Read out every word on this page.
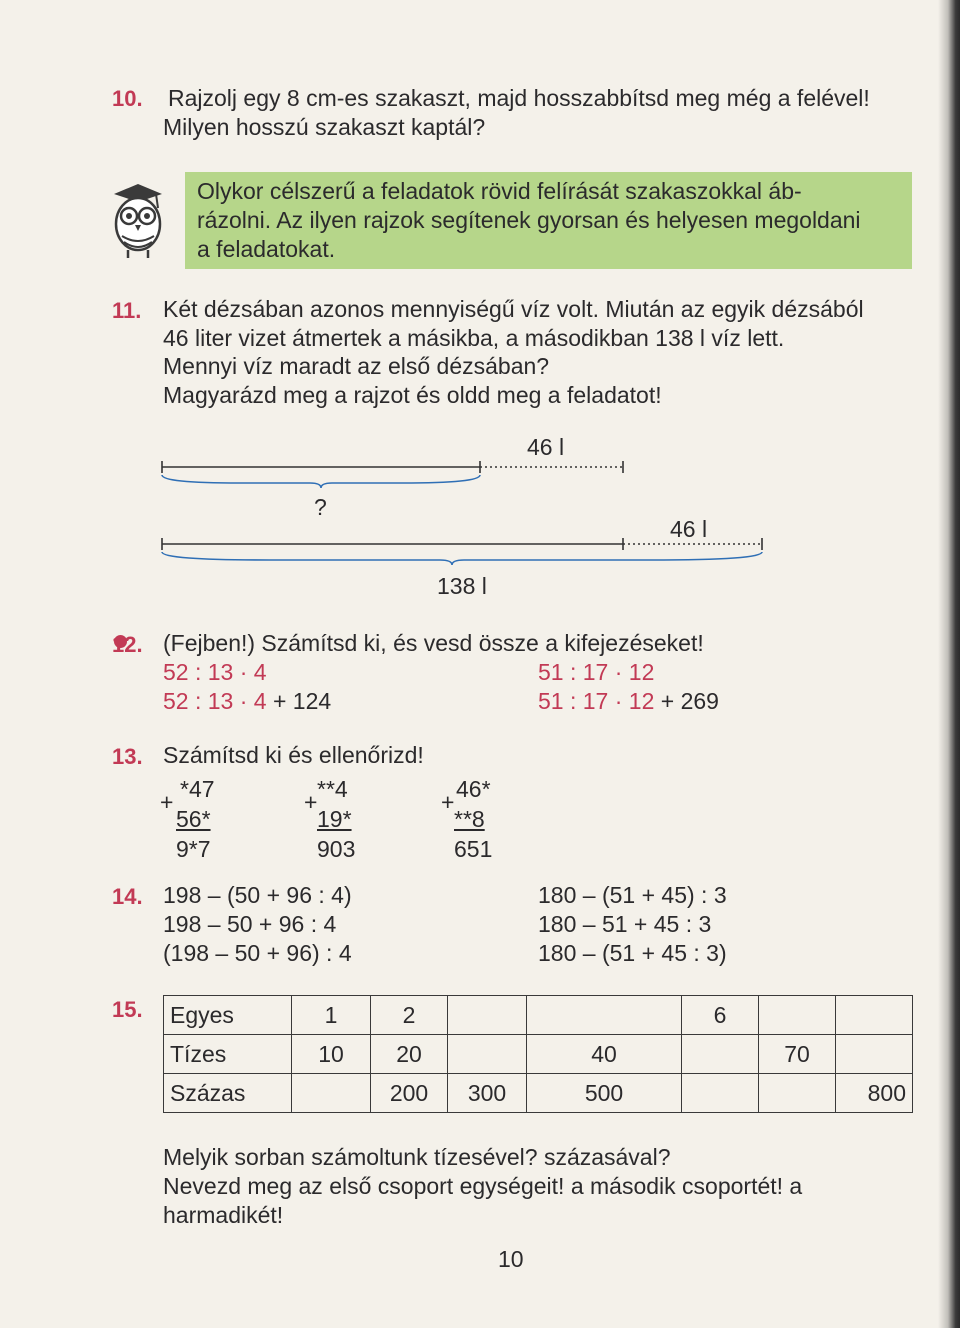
10. Rajzolj egy 8 cm-es szakaszt, majd hosszabbítsd meg még a felével!
Milyen hosszú szakaszt kaptál?
Olykor célszerű a feladatok rövid felírását szakaszokkal áb-
rázolni. Az ilyen rajzok segítenek gyorsan és helyesen megoldani
a feladatokat.
11. Két dézsában azonos mennyiségű víz volt. Miután az egyik dézsából
46 liter vizet átmertek a másikba, a másodikban 138 l víz lett.
Mennyi víz maradt az első dézsában?
Magyarázd meg a rajzot és oldd meg a feladatot!
46 l
?
46 l
138 l
12. (Fejben!) Számítsd ki, és vesd össze a kifejezéseket!
52 : 13 · 4
52 : 13 · 4 + 124
51 : 17 · 12
51 : 17 · 12 + 269
13. Számítsd ki és ellenőrizd!
*47
+
56*
9*7
**4
+
19*
903
46*
+
**8
651
14. 198 – (50 + 96 : 4)
198 – 50 + 96 : 4
(198 – 50 + 96) : 4
180 – (51 + 45) : 3
180 – 51 + 45 : 3
180 – (51 + 45 : 3)
15. Egyes	1	2			6		
Tízes	10	20		40		70	
Százas		200	300	500			800
Melyik sorban számoltunk tízesével? százasával?
Nevezd meg az első csoport egységeit! a második csoportét! a
harmadikét!
10
